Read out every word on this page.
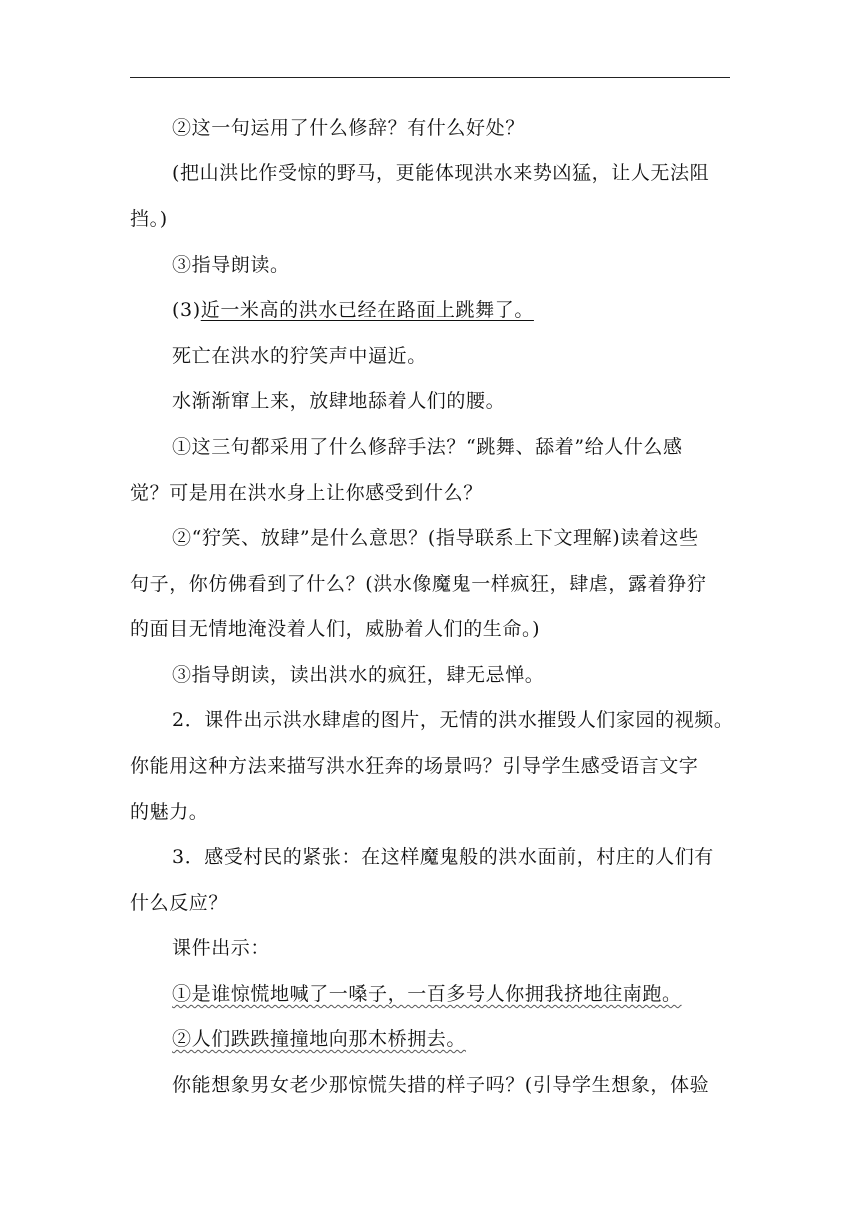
②这一句运用了什么修辞？有什么好处？
(把山洪比作受惊的野马，更能体现洪水来势凶猛，让人无法阻
挡。)
③指导朗读。
(3)近一米高的洪水已经在路面上跳舞了。
死亡在洪水的狞笑声中逼近。
水渐渐窜上来，放肆地舔着人们的腰。
①这三句都采用了什么修辞手法？“跳舞、舔着”给人什么感
觉？可是用在洪水身上让你感受到什么？
②“狞笑、放肆”是什么意思？(指导联系上下文理解)读着这些
句子，你仿佛看到了什么？(洪水像魔鬼一样疯狂，肆虐，露着狰狞
的面目无情地淹没着人们，威胁着人们的生命。)
③指导朗读，读出洪水的疯狂，肆无忌惮。
2．课件出示洪水肆虐的图片，无情的洪水摧毁人们家园的视频。
你能用这种方法来描写洪水狂奔的场景吗？引导学生感受语言文字
的魅力。
3．感受村民的紧张：在这样魔鬼般的洪水面前，村庄的人们有
什么反应？
课件出示：
①是谁惊慌地喊了一嗓子，一百多号人你拥我挤地往南跑。
②人们跌跌撞撞地向那木桥拥去。
你能想象男女老少那惊慌失措的样子吗？(引导学生想象，体验
